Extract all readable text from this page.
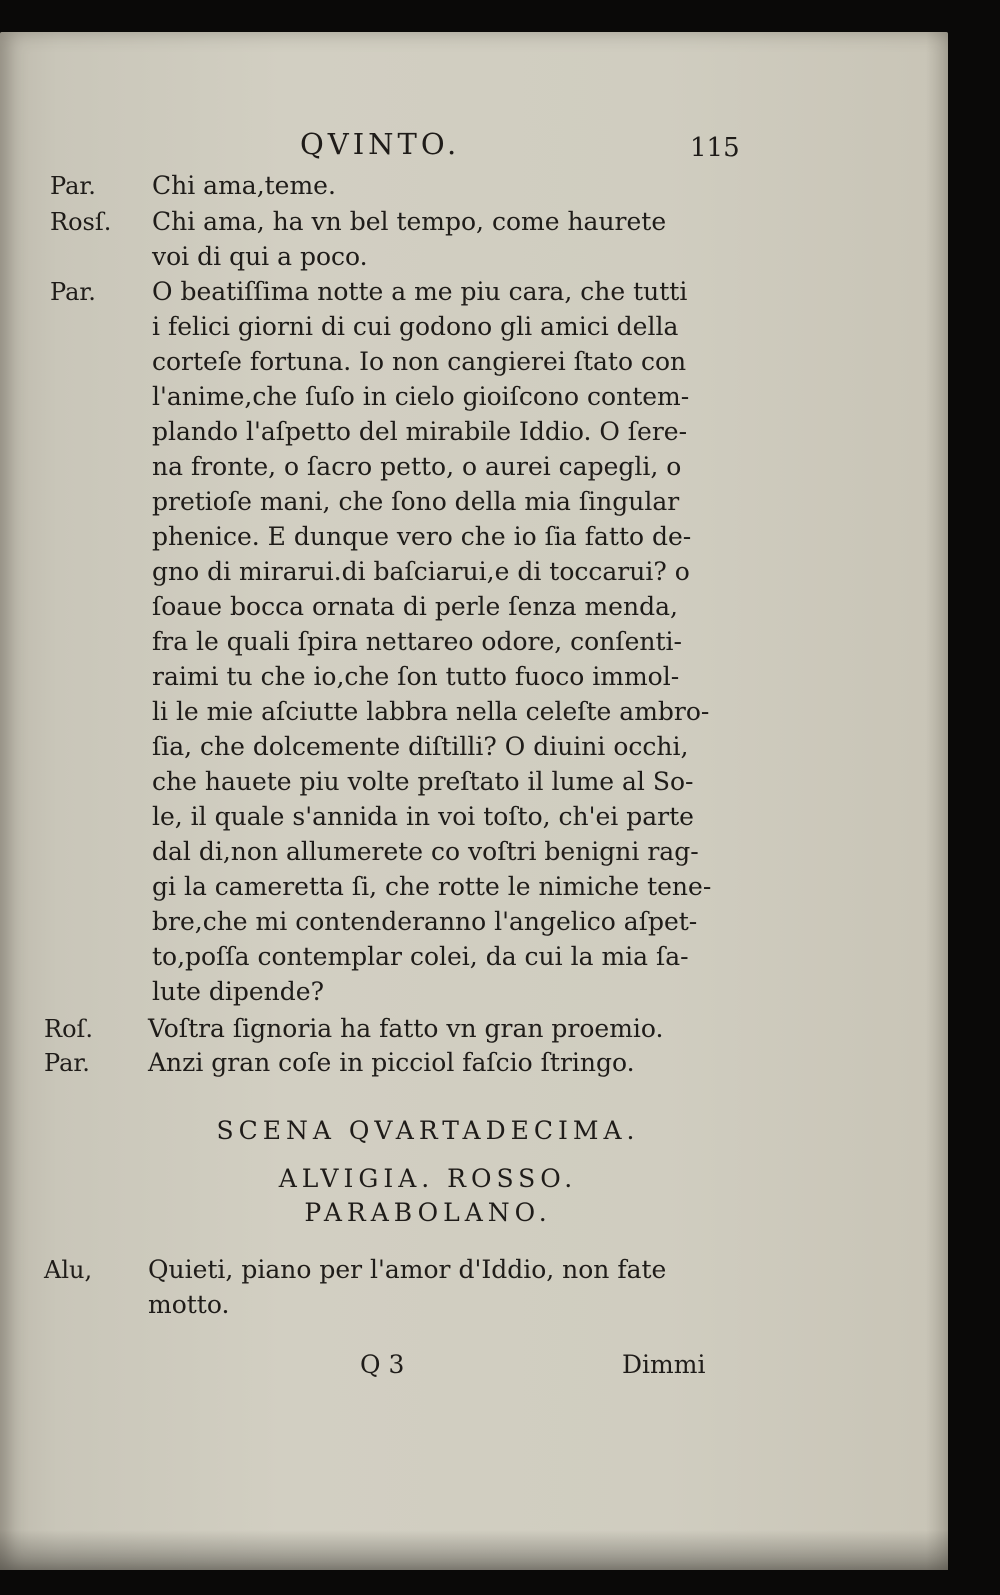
QVINTO.	115

Par. Chi ama,teme.

Rosſ. Chi ama, ha vn bel tempo, come haurete

voi di qui a poco.

Par. O beatiſſima notte a me piu cara, che tutti

i felici giorni di cui godono gli amici della

corteſe fortuna. Io non cangierei ſtato con

l'anime,che ſuſo in cielo gioiſcono contem-

plando l'aſpetto del mirabile Iddio. O ſere-

na fronte, o ſacro petto, o aurei capegli, o

pretioſe mani, che ſono della mia ſingular

phenice. E dunque vero che io ſia fatto de-

gno di mirarui.di baſciarui,e di toccarui? o

ſoaue bocca ornata di perle ſenza menda,

fra le quali ſpira nettareo odore, conſenti-

raimi tu che io,che ſon tutto fuoco immol-

li le mie aſciutte labbra nella celeſte ambro-

ſia, che dolcemente diſtilli? O diuini occhi,

che hauete piu volte preſtato il lume al So-

le, il quale s'annida in voi toſto, ch'ei parte

dal di,non allumerete co voſtri benigni rag-

gi la cameretta ſi, che rotte le nimiche tene-

bre,che mi contenderanno l'angelico aſpet-

to,poſſa contemplar colei, da cui la mia ſa-

lute dipende?

Roſ. Voſtra ſignoria ha fatto vn gran proemio.

Par. Anzi gran coſe in picciol faſcio ſtringo.

SCENA QVARTADECIMA.

ALVIGIA. ROSSO.

PARABOLANO.

Alu, Quieti, piano per l'amor d'Iddio, non fate

motto.

Q 3	Dimmi
